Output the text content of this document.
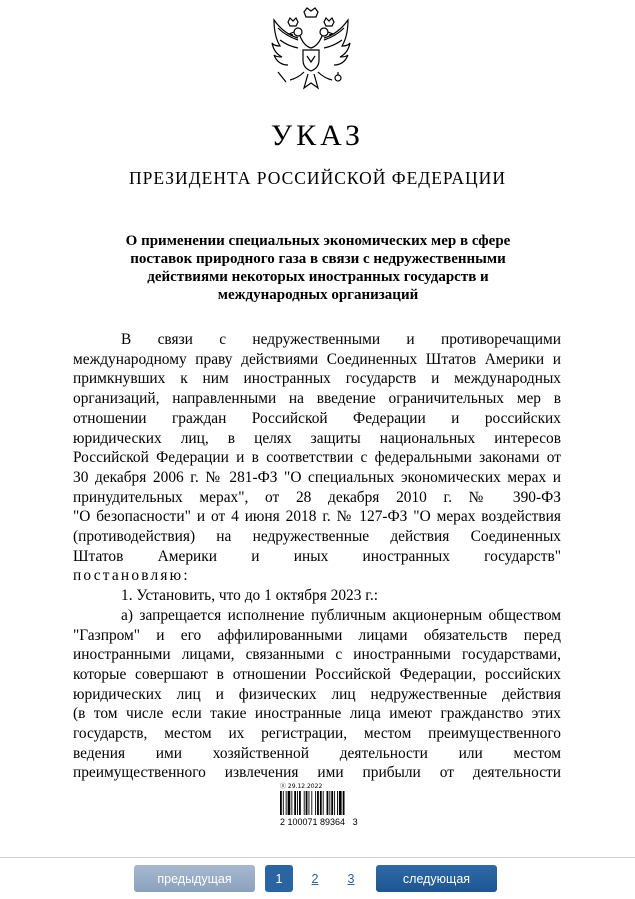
УКАЗ
ПРЕЗИДЕНТА РОССИЙСКОЙ ФЕДЕРАЦИИ
О применении специальных экономических мер в сфере
поставок природного газа в связи с недружественными
действиями некоторых иностранных государств и
международных организаций

В связи с недружественными и противоречащими

международному праву действиями Соединенных Штатов Америки и

примкнувших к ним иностранных государств и международных

организаций, направленными на введение ограничительных мер в

отношении граждан Российской Федерации и российских

юридических лиц, в целях защиты национальных интересов

Российской Федерации и в соответствии с федеральными законами от

30 декабря 2006 г. № 281-ФЗ "О специальных экономических мерах и

принудительных мерах", от 28 декабря 2010 г. № 390-ФЗ

"О безопасности" и от 4 июня 2018 г. № 127-ФЗ "О мерах воздействия

(противодействия) на недружественные действия Соединенных

Штатов Америки и иных иностранных государств"

постановляю:

1. Установить, что до 1 октября 2023 г.:

а) запрещается исполнение публичным акционерным обществом

"Газпром" и его аффилированными лицами обязательств перед

иностранными лицами, связанными с иностранными государствами,

которые совершают в отношении Российской Федерации, российских

юридических лиц и физических лиц недружественные действия

(в том числе если такие иностранные лица имеют гражданство этих

государств, местом их регистрации, местом преимущественного

ведения ими хозяйственной деятельности или местом

преимущественного извлечения ими прибыли от деятельности

Ⓡ 29.12.2022
2 100071 89364   3
предыдущая	1	2	3	следующая
